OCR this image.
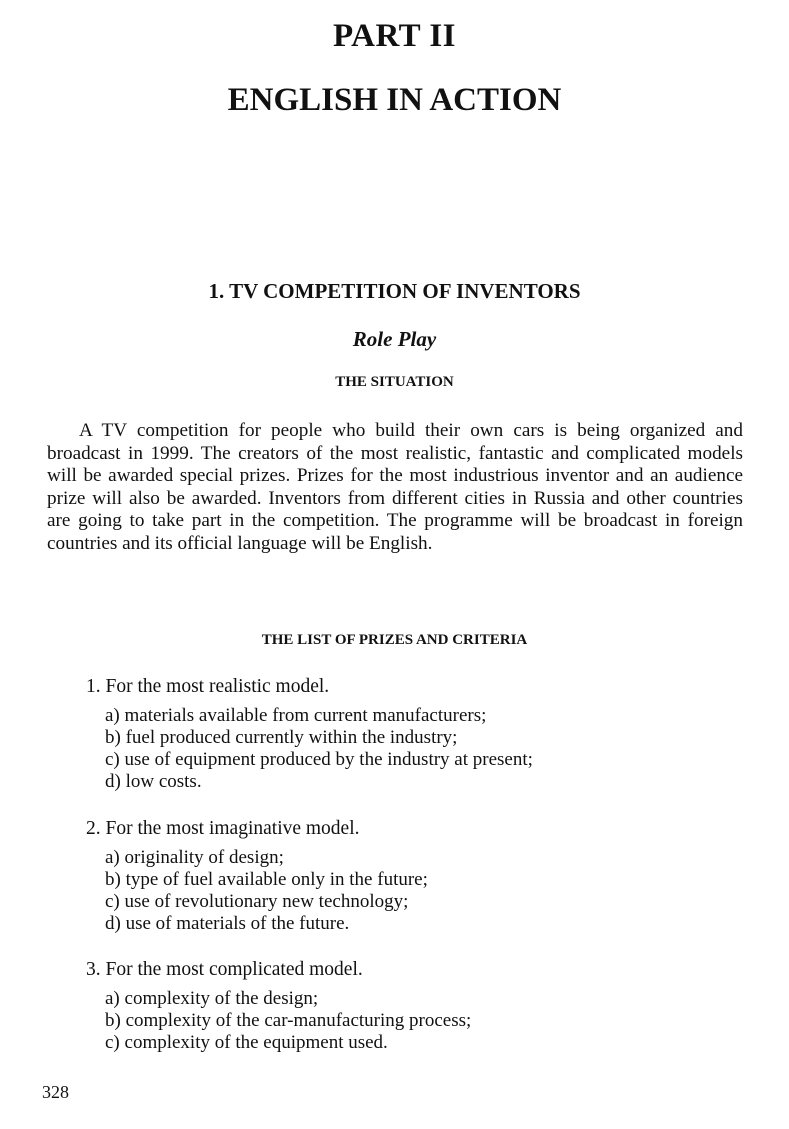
PART II
ENGLISH IN ACTION
1. TV COMPETITION OF INVENTORS
Role Play
THE SITUATION

A TV competition for people who build their own cars is being organized and broadcast in 1999. The creators of the most realistic, fantastic and complicated models will be awarded special prizes. Prizes for the most industrious inventor and an audience prize will also be awarded. Inventors from different cities in Russia and other countries are going to take part in the competition. The programme will be broadcast in foreign countries and its official language will be English.

THE LIST OF PRIZES AND CRITERIA
1. For the most realistic model.
a) materials available from current manufacturers;
b) fuel produced currently within the industry;
c) use of equipment produced by the industry at present;
d) low costs.
2. For the most imaginative model.
a) originality of design;
b) type of fuel available only in the future;
c) use of revolutionary new technology;
d) use of materials of the future.
3. For the most complicated model.
a) complexity of the design;
b) complexity of the car-manufacturing process;
c) complexity of the equipment used.
328
